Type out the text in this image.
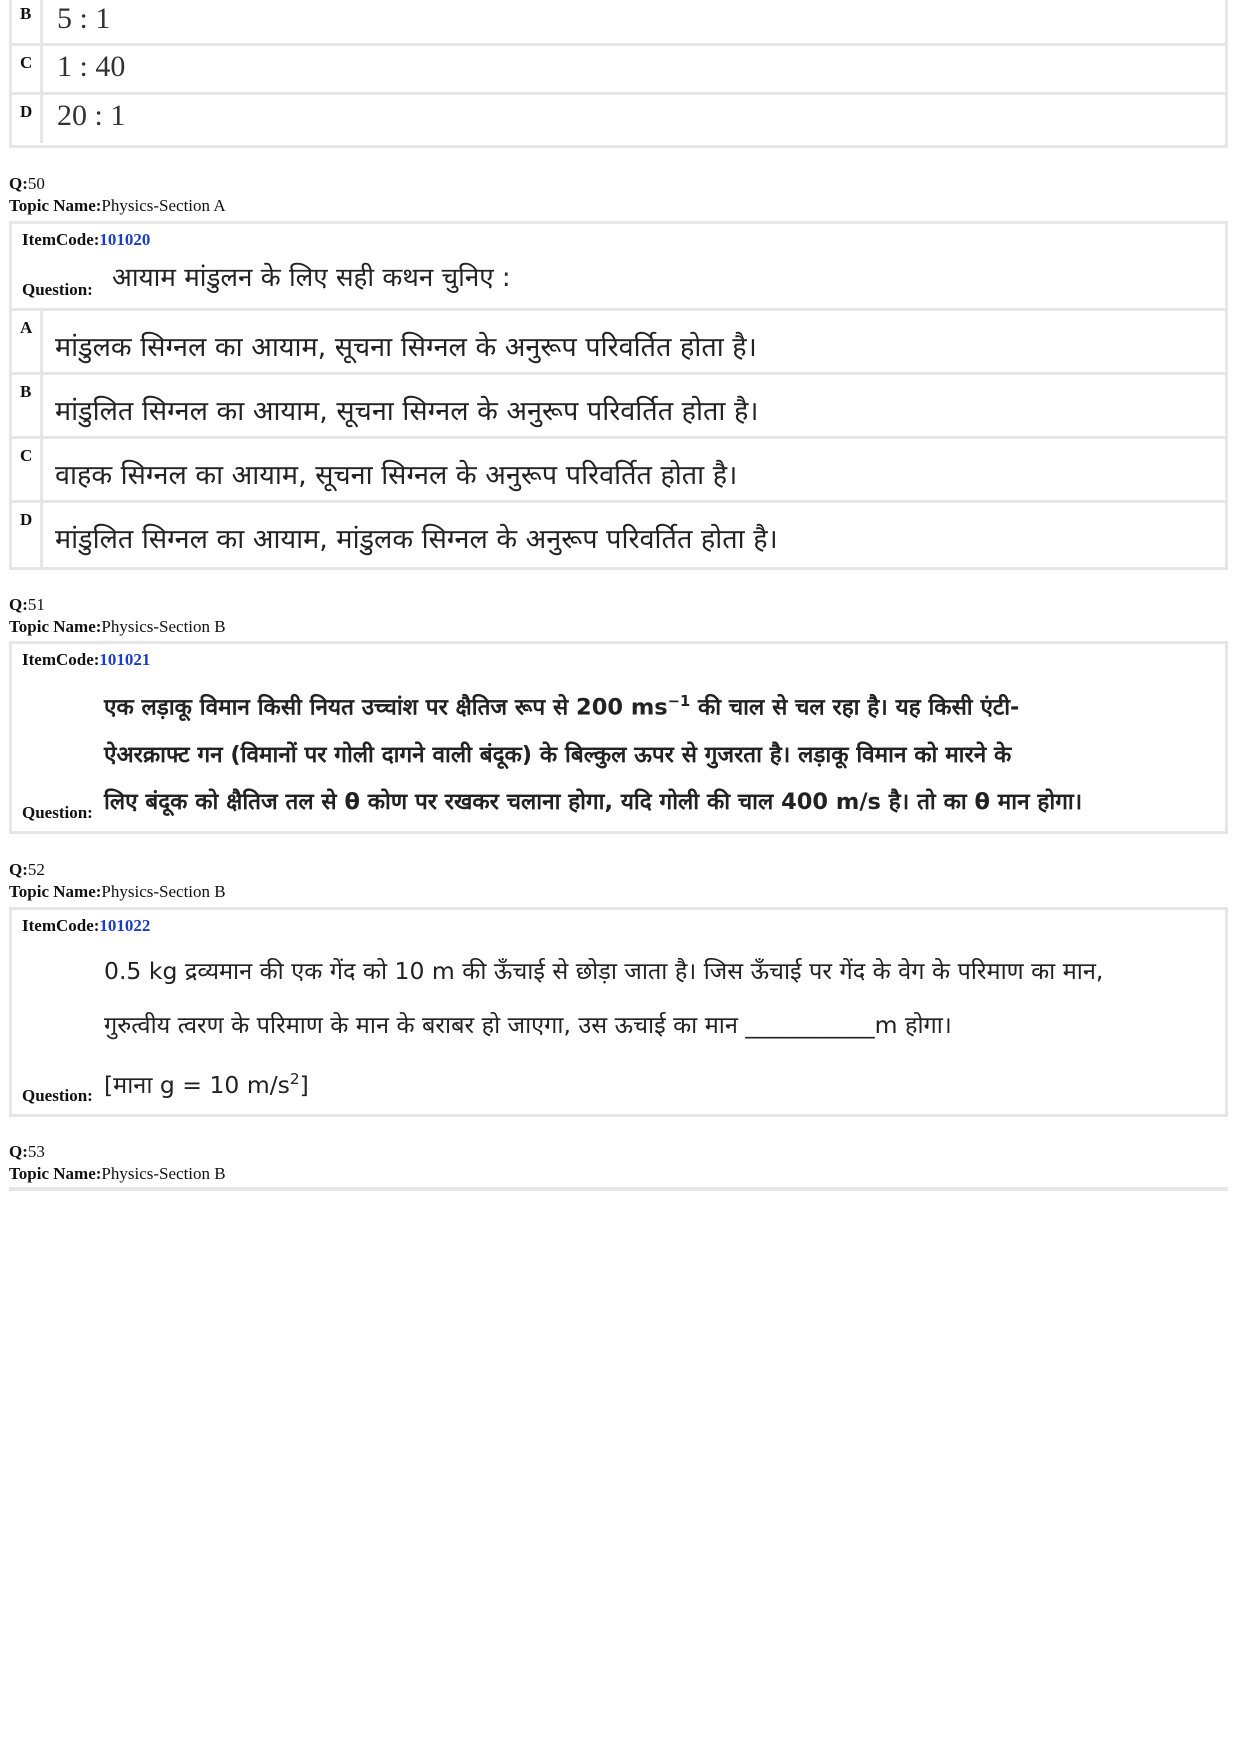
B 5 : 1
C 1 : 40
D 20 : 1
Q:50
Topic Name:Physics-Section A
ItemCode:101020
आयाम मांडुलन के लिए सही कथन चुनिए :
Question:
A
मांडुलक सिग्नल का आयाम, सूचना सिग्नल के अनुरूप परिवर्तित होता है।
B
मांडुलित सिग्नल का आयाम, सूचना सिग्नल के अनुरूप परिवर्तित होता है।
C
वाहक सिग्नल का आयाम, सूचना सिग्नल के अनुरूप परिवर्तित होता है।
D
मांडुलित सिग्नल का आयाम, मांडुलक सिग्नल के अनुरूप परिवर्तित होता है।
Q:51
Topic Name:Physics-Section B
ItemCode:101021
एक लड़ाकू विमान किसी नियत उच्चांश पर क्षैतिज रूप से 200 $ms^{-1}$ की चाल से चल रहा है। यह किसी एंटी-
ऐअरक्राफ्ट गन (विमानों पर गोली दागने वाली बंदूक) के बिल्कुल ऊपर से गुजरता है। लड़ाकू विमान को मारने के
लिए बंदूक को क्षैतिज तल से θ कोण पर रखकर चलाना होगा, यदि गोली की चाल 400 m/s है। तो का θ मान होगा।
Question:
Q:52
Topic Name:Physics-Section B
ItemCode:101022
0.5 kg द्रव्यमान की एक गेंद को 10 m की ऊँचाई से छोड़ा जाता है। जिस ऊँचाई पर गेंद के वेग के परिमाण का मान,
गुरुत्वीय त्वरण के परिमाण के मान के बराबर हो जाएगा, उस ऊचाई का मान ___________m होगा।
[माना g = 10 $m/s^2$]
Question:
Q:53
Topic Name:Physics-Section B
